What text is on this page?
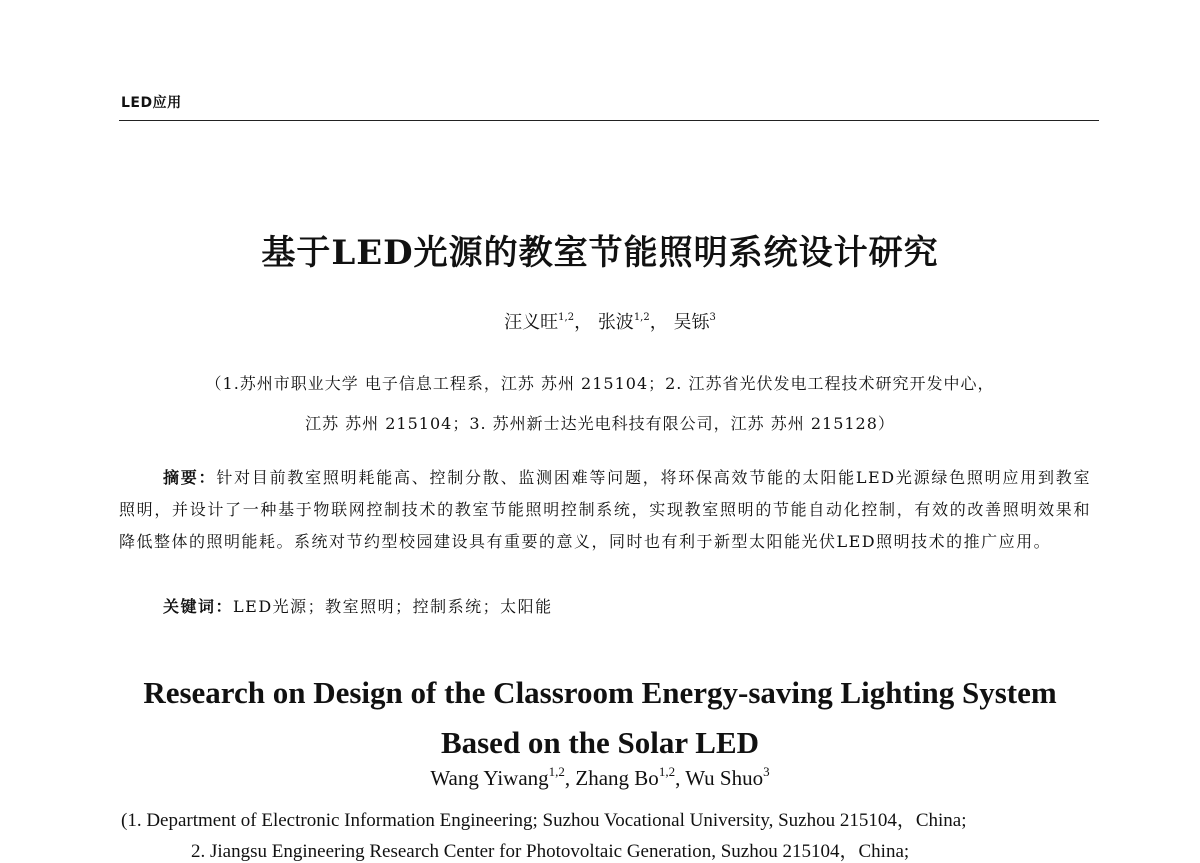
LED应用
基于LED光源的教室节能照明系统设计研究
汪义旺$^{1,2}$， 张波$^{1,2}$， 吴铄$^3$
（1.苏州市职业大学 电子信息工程系，江苏 苏州 215104；2. 江苏省光伏发电工程技术研究开发中心，
江苏 苏州 215104；3. 苏州新士达光电科技有限公司，江苏 苏州 215128）
摘要：针对目前教室照明耗能高、控制分散、监测困难等问题，将环保高效节能的太阳能LED光源绿色照明应用到教室照明，并设计了一种基于物联网控制技术的教室节能照明控制系统，实现教室照明的节能自动化控制，有效的改善照明效果和降低整体的照明能耗。系统对节约型校园建设具有重要的意义，同时也有利于新型太阳能光伏LED照明技术的推广应用。
关键词：LED光源；教室照明；控制系统；太阳能
Research on Design of the Classroom Energy-saving Lighting System
Based on the Solar LED
Wang Yiwang$^{1,2}$, Zhang Bo$^{1,2}$, Wu Shuo$^3$
(1. Department of Electronic Information Engineering; Suzhou Vocational University, Suzhou 215104，China;
2. Jiangsu Engineering Research Center for Photovoltaic Generation, Suzhou 215104，China;
